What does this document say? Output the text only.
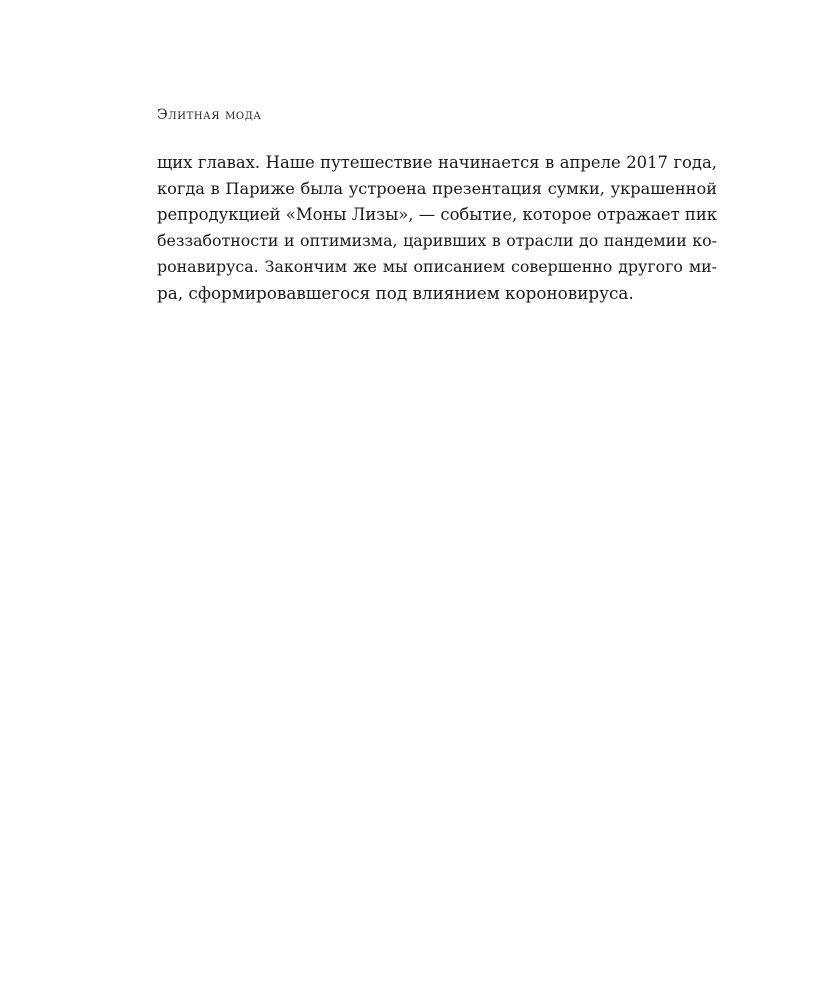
Элитная мода
щих главах. Наше путешествие начинается в апреле 2017 года,
когда в Париже была устроена презентация сумки, украшенной
репродукцией «Моны Лизы», — событие, которое отражает пик
беззаботности и оптимизма, царивших в отрасли до пандемии ко-
ронавируса. Закончим же мы описанием совершенно другого ми-
ра, сформировавшегося под влиянием короновируса.
